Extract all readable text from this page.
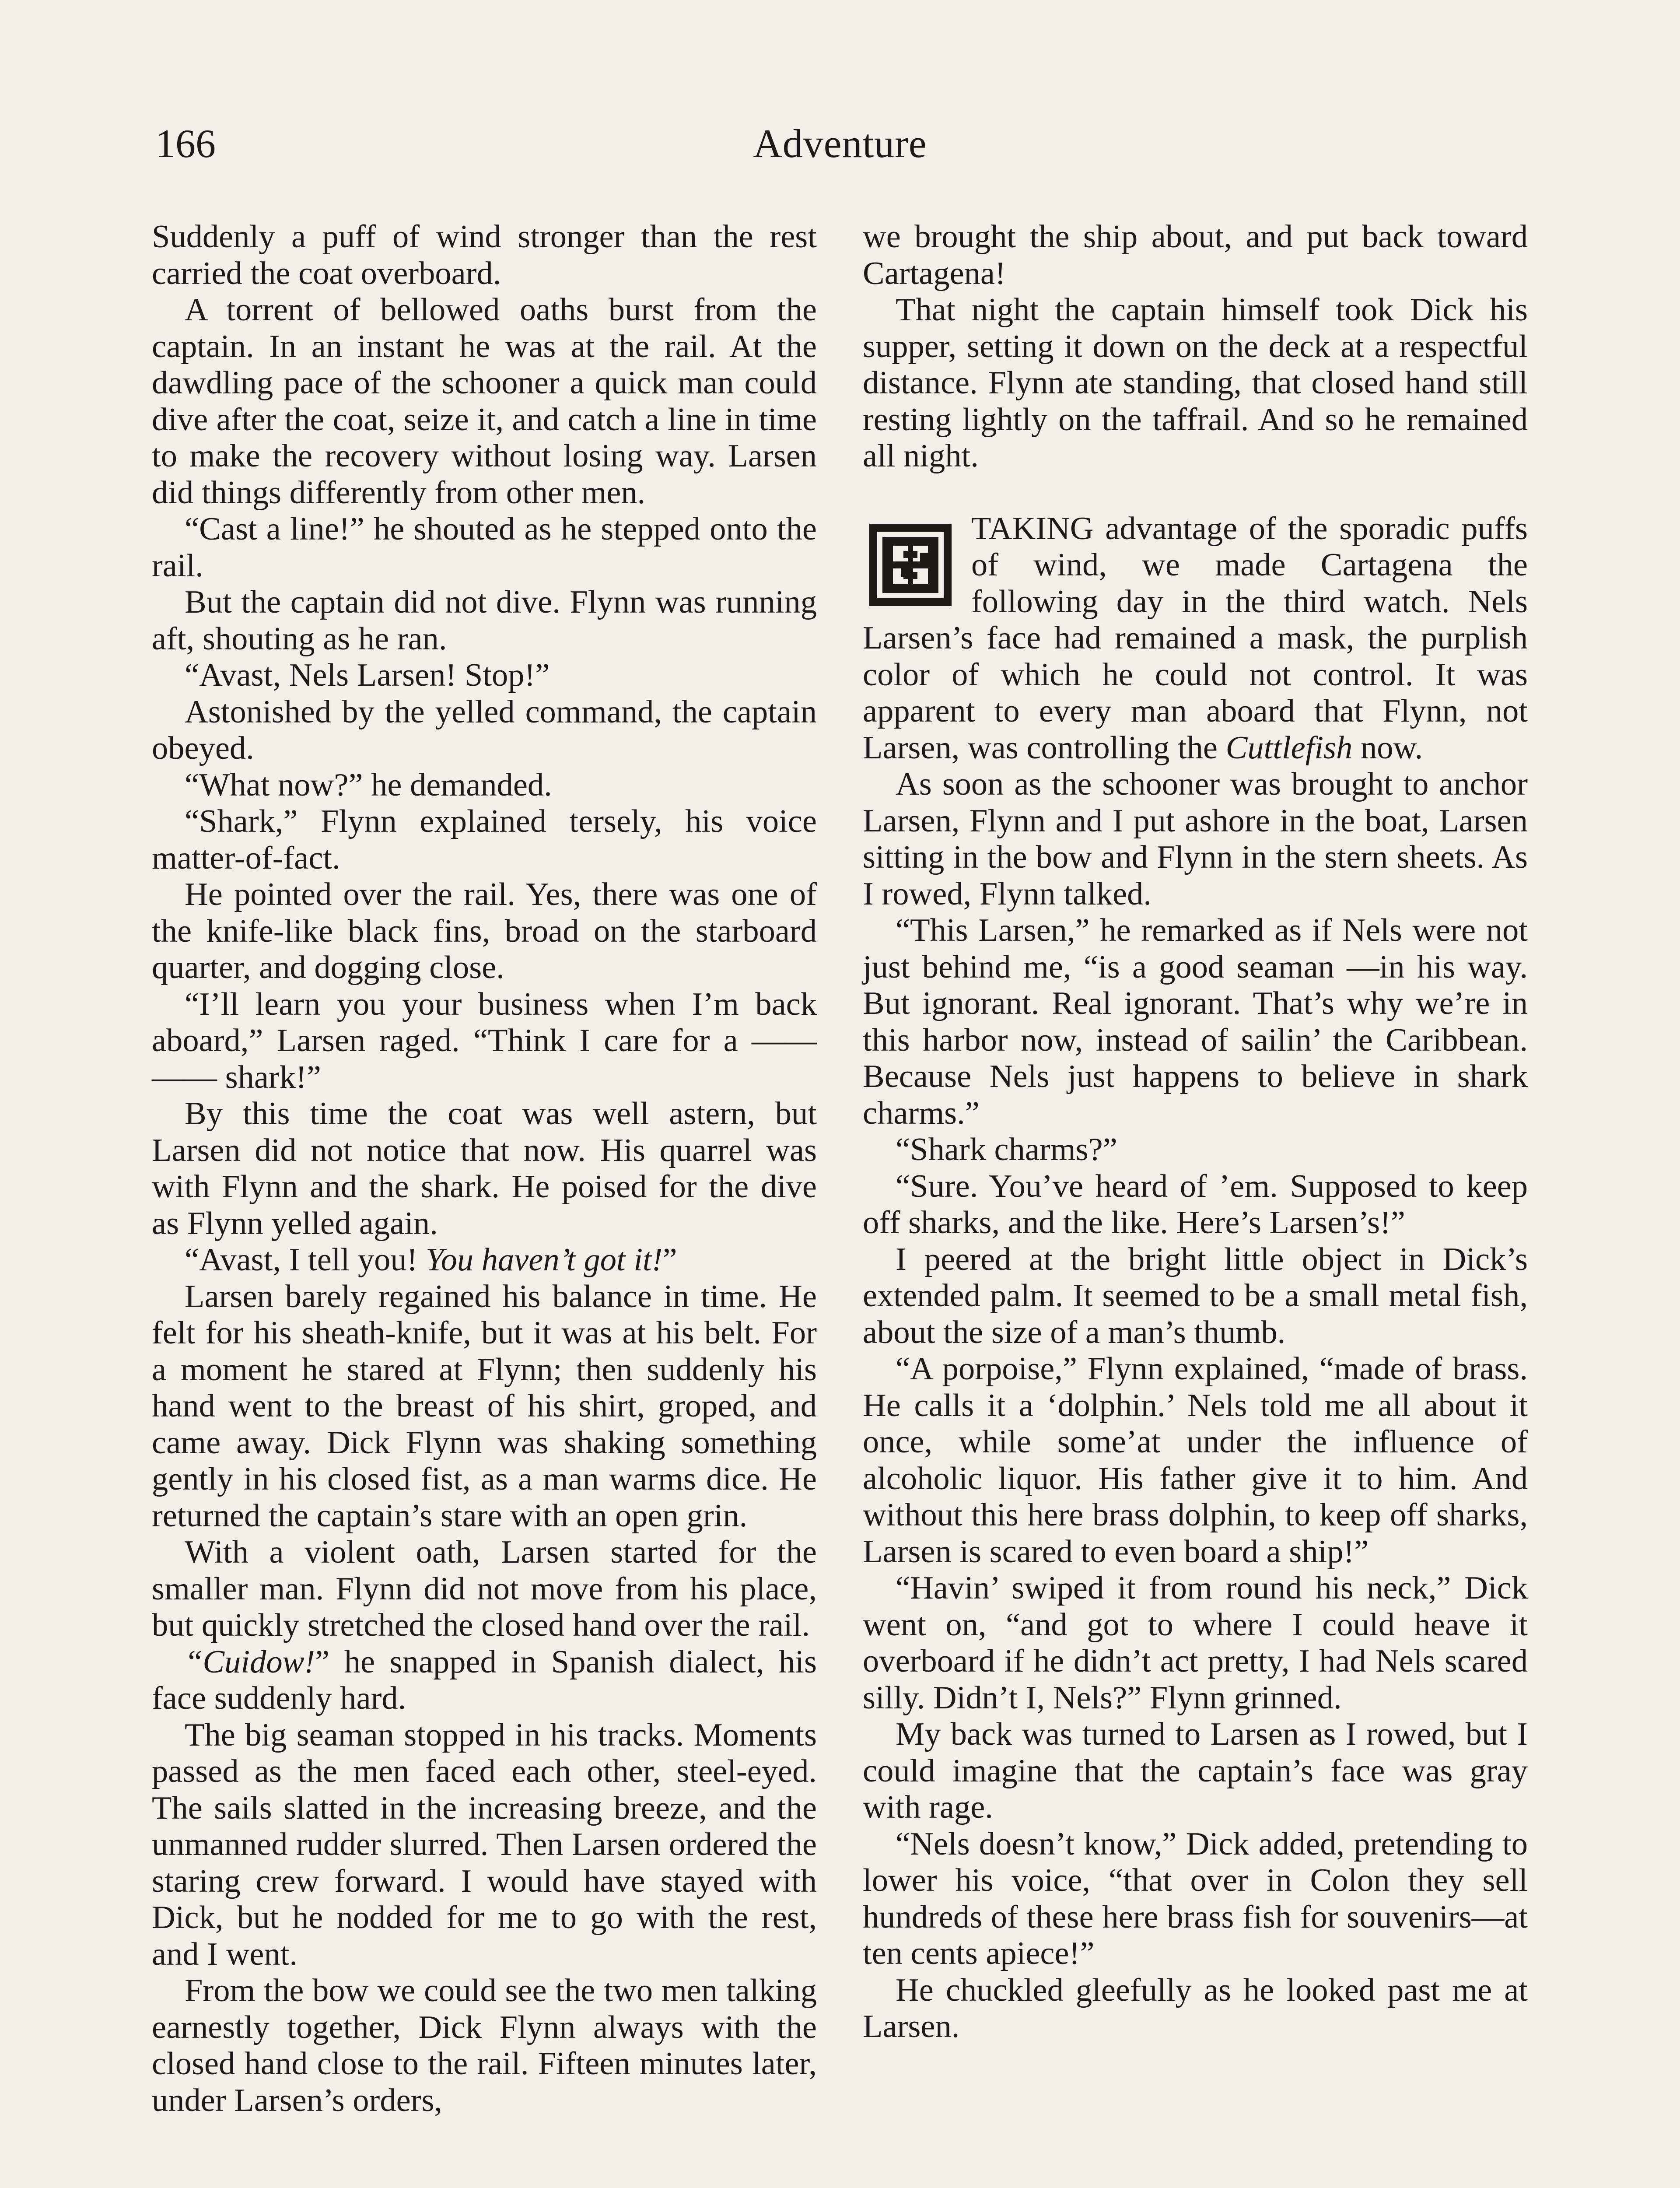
166	Adventure

Suddenly a puff of wind stronger than the rest carried the coat overboard.

A torrent of bellowed oaths burst from the captain. In an instant he was at the rail. At the dawdling pace of the schooner a quick man could dive after the coat, seize it, and catch a line in time to make the recovery without losing way. Larsen did things differently from other men.

“Cast a line!” he shouted as he stepped onto the rail.

But the captain did not dive. Flynn was running aft, shouting as he ran.

“Avast, Nels Larsen! Stop!”

Astonished by the yelled command, the captain obeyed.

“What now?” he demanded.

“Shark,” Flynn explained tersely, his voice matter-of-fact.

He pointed over the rail. Yes, there was one of the knife-like black fins, broad on the starboard quarter, and dogging close.

“I’ll learn you your business when I’m back aboard,” Larsen raged. “Think I care for a —— —— shark!”

By this time the coat was well astern, but Larsen did not notice that now. His quarrel was with Flynn and the shark. He poised for the dive as Flynn yelled again.

“Avast, I tell you! You haven’t got it!”

Larsen barely regained his balance in time. He felt for his sheath-knife, but it was at his belt. For a moment he stared at Flynn; then suddenly his hand went to the breast of his shirt, groped, and came away. Dick Flynn was shaking something gently in his closed fist, as a man warms dice. He returned the captain’s stare with an open grin.

With a violent oath, Larsen started for the smaller man. Flynn did not move from his place, but quickly stretched the closed hand over the rail.

“Cuidow!” he snapped in Spanish dialect, his face suddenly hard.

The big seaman stopped in his tracks. Moments passed as the men faced each other, steel-eyed. The sails slatted in the increasing breeze, and the unmanned rudder slurred. Then Larsen ordered the staring crew forward. I would have stayed with Dick, but he nodded for me to go with the rest, and I went.

From the bow we could see the two men talking earnestly together, Dick Flynn always with the closed hand close to the rail. Fifteen minutes later, under Larsen’s orders,

we brought the ship about, and put back toward Cartagena!

That night the captain himself took Dick his supper, setting it down on the deck at a respectful distance. Flynn ate standing, that closed hand still resting lightly on the taffrail. And so he remained all night.

TAKING advantage of the sporadic puffs of wind, we made Cartagena the following day in the third watch. Nels Larsen’s face had remained a mask, the purplish color of which he could not control. It was apparent to every man aboard that Flynn, not Larsen, was controlling the Cuttlefish now.

As soon as the schooner was brought to anchor Larsen, Flynn and I put ashore in the boat, Larsen sitting in the bow and Flynn in the stern sheets. As I rowed, Flynn talked.

“This Larsen,” he remarked as if Nels were not just behind me, “is a good seaman —in his way. But ignorant. Real ignorant. That’s why we’re in this harbor now, instead of sailin’ the Caribbean. Because Nels just happens to believe in shark charms.”

“Shark charms?”

“Sure. You’ve heard of ’em. Supposed to keep off sharks, and the like. Here’s Larsen’s!”

I peered at the bright little object in Dick’s extended palm. It seemed to be a small metal fish, about the size of a man’s thumb.

“A porpoise,” Flynn explained, “made of brass. He calls it a ‘dolphin.’ Nels told me all about it once, while some’at under the influence of alcoholic liquor. His father give it to him. And without this here brass dolphin, to keep off sharks, Larsen is scared to even board a ship!”

“Havin’ swiped it from round his neck,” Dick went on, “and got to where I could heave it overboard if he didn’t act pretty, I had Nels scared silly. Didn’t I, Nels?” Flynn grinned.

My back was turned to Larsen as I rowed, but I could imagine that the captain’s face was gray with rage.

“Nels doesn’t know,” Dick added, pretending to lower his voice, “that over in Colon they sell hundreds of these here brass fish for souvenirs—at ten cents apiece!”

He chuckled gleefully as he looked past me at Larsen.
